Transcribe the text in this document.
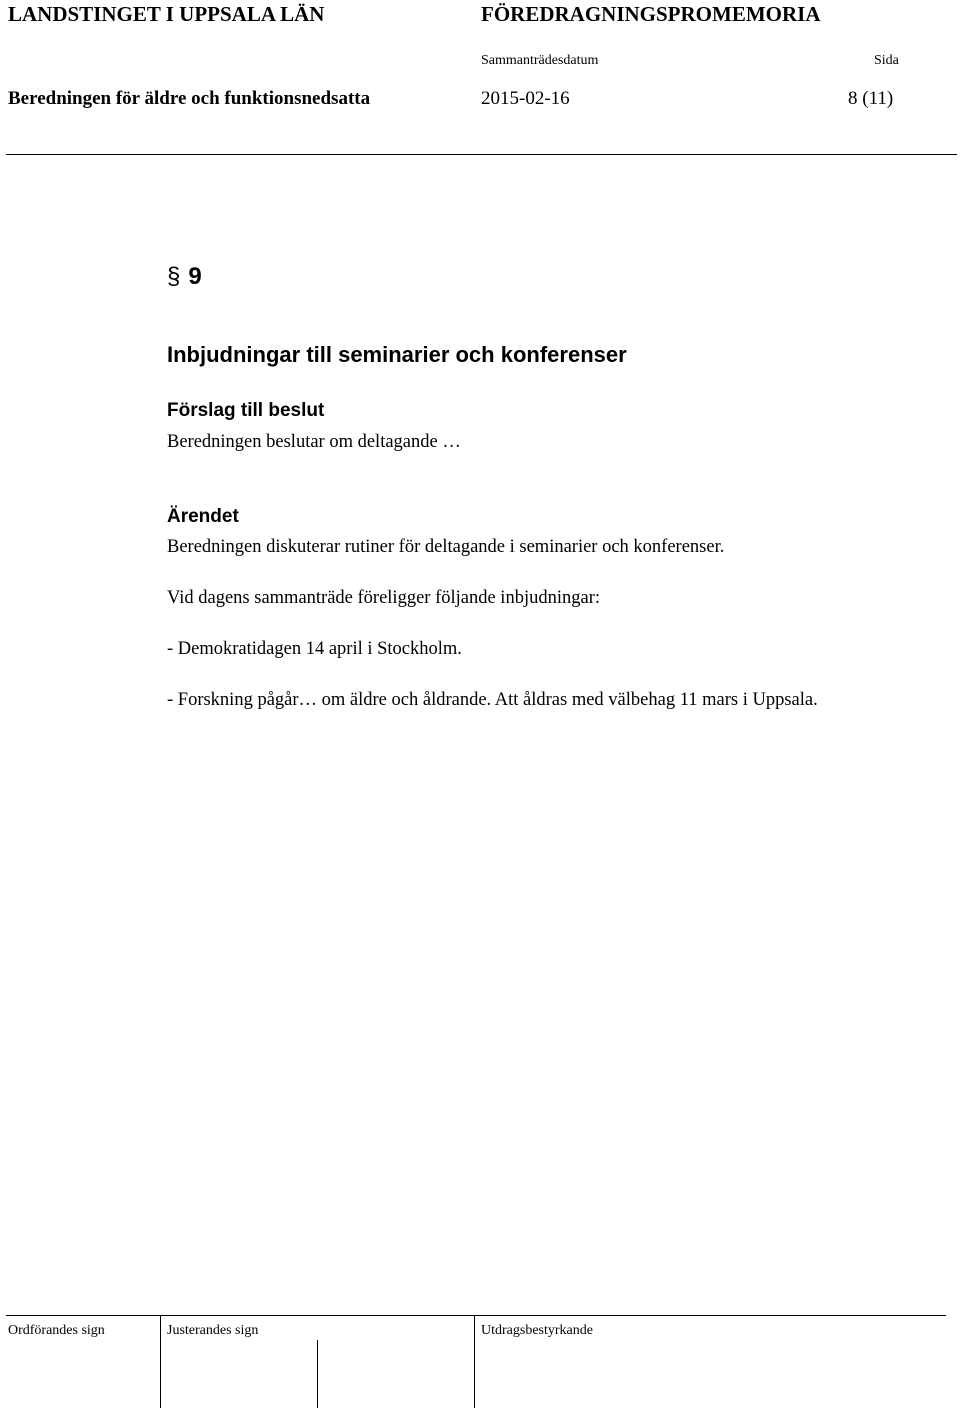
LANDSTINGET I UPPSALA LÄN	FÖREDRAGNINGSPROMEMORIA
Sammanträdesdatum	Sida
Beredningen för äldre och funktionsnedsatta	2015-02-16	8 (11)
§ 9
Inbjudningar till seminarier och konferenser
Förslag till beslut
Beredningen beslutar om deltagande …
Ärendet
Beredningen diskuterar rutiner för deltagande i seminarier och konferenser.
Vid dagens sammanträde föreligger följande inbjudningar:
- Demokratidagen 14 april i Stockholm.
- Forskning pågår… om äldre och åldrande. Att åldras med välbehag 11 mars i Uppsala.
Ordförandes sign	Justerandes sign	Utdragsbestyrkande
